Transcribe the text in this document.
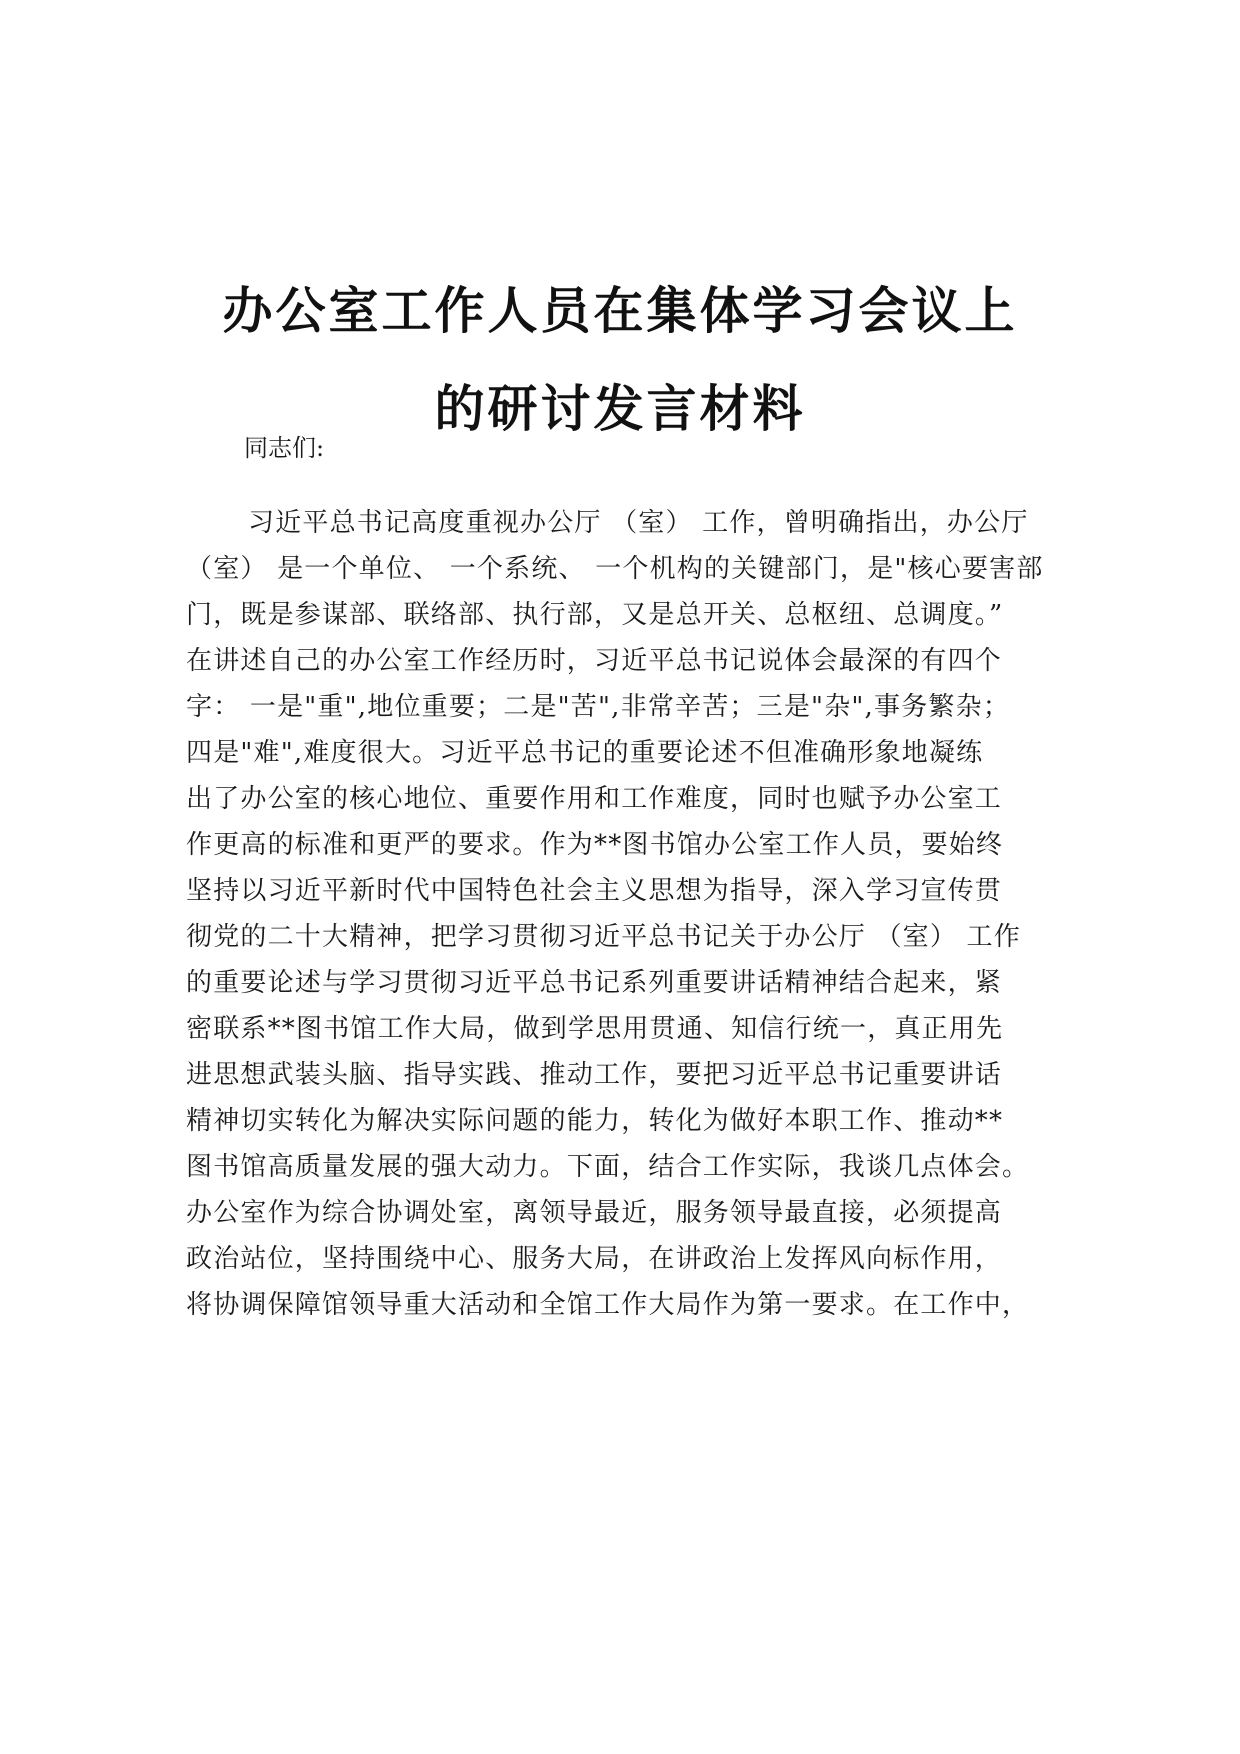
办公室工作人员在集体学习会议上
的研讨发言材料
同志们:
习近平总书记高度重视办公厅 （室） 工作，曾明确指出，办公厅
（室） 是一个单位、 一个系统、 一个机构的关键部门，是"核心要害部
门，既是参谋部、联络部、执行部，又是总开关、总枢纽、总调度。”
在讲述自己的办公室工作经历时，习近平总书记说体会最深的有四个
字： 一是"重",地位重要；二是"苦",非常辛苦；三是"杂",事务繁杂；
四是"难",难度很大。习近平总书记的重要论述不但准确形象地凝练
出了办公室的核心地位、重要作用和工作难度，同时也赋予办公室工
作更高的标准和更严的要求。作为**图书馆办公室工作人员，要始终
坚持以习近平新时代中国特色社会主义思想为指导，深入学习宣传贯
彻党的二十大精神，把学习贯彻习近平总书记关于办公厅 （室） 工作
的重要论述与学习贯彻习近平总书记系列重要讲话精神结合起来，紧
密联系**图书馆工作大局，做到学思用贯通、知信行统一，真正用先
进思想武装头脑、指导实践、推动工作，要把习近平总书记重要讲话
精神切实转化为解决实际问题的能力，转化为做好本职工作、推动**
图书馆高质量发展的强大动力。下面，结合工作实际，我谈几点体会。
办公室作为综合协调处室，离领导最近，服务领导最直接，必须提高
政治站位，坚持围绕中心、服务大局，在讲政治上发挥风向标作用，
将协调保障馆领导重大活动和全馆工作大局作为第一要求。在工作中，
